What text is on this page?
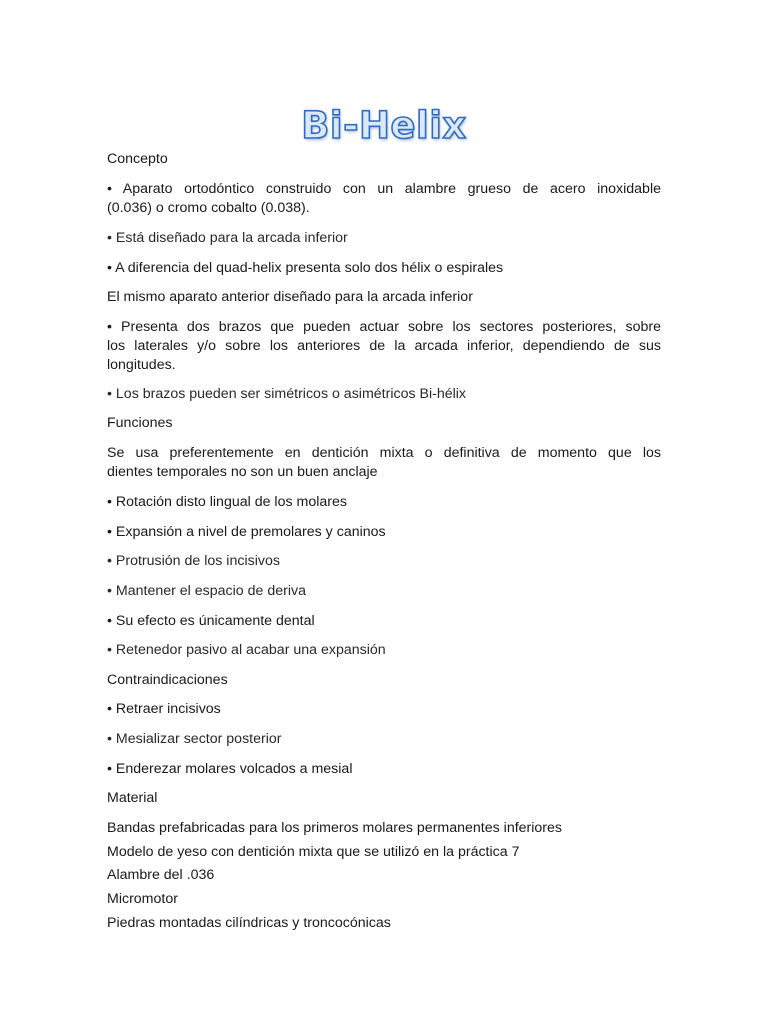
Bi-Helix

Concepto

• Aparato ortodóntico construido con un alambre grueso de acero inoxidable
(0.036) o cromo cobalto (0.038).

• Está diseñado para la arcada inferior

• A diferencia del quad-helix presenta solo dos hélix o espirales

El mismo aparato anterior diseñado para la arcada inferior

• Presenta dos brazos que pueden actuar sobre los sectores posteriores, sobre
los laterales y/o sobre los anteriores de la arcada inferior, dependiendo de sus
longitudes.

• Los brazos pueden ser simétricos o asimétricos Bi-hélix

Funciones

Se usa preferentemente en dentición mixta o definitiva de momento que los
dientes temporales no son un buen anclaje

• Rotación disto lingual de los molares

• Expansión a nivel de premolares y caninos

• Protrusión de los incisivos

• Mantener el espacio de deriva

• Su efecto es únicamente dental

• Retenedor pasivo al acabar una expansión

Contraindicaciones

• Retraer incisivos

• Mesializar sector posterior

• Enderezar molares volcados a mesial

Material

Bandas prefabricadas para los primeros molares permanentes inferiores

Modelo de yeso con dentición mixta que se utilizó en la práctica 7

Alambre del .036

Micromotor

Piedras montadas cilíndricas y troncocónicas
